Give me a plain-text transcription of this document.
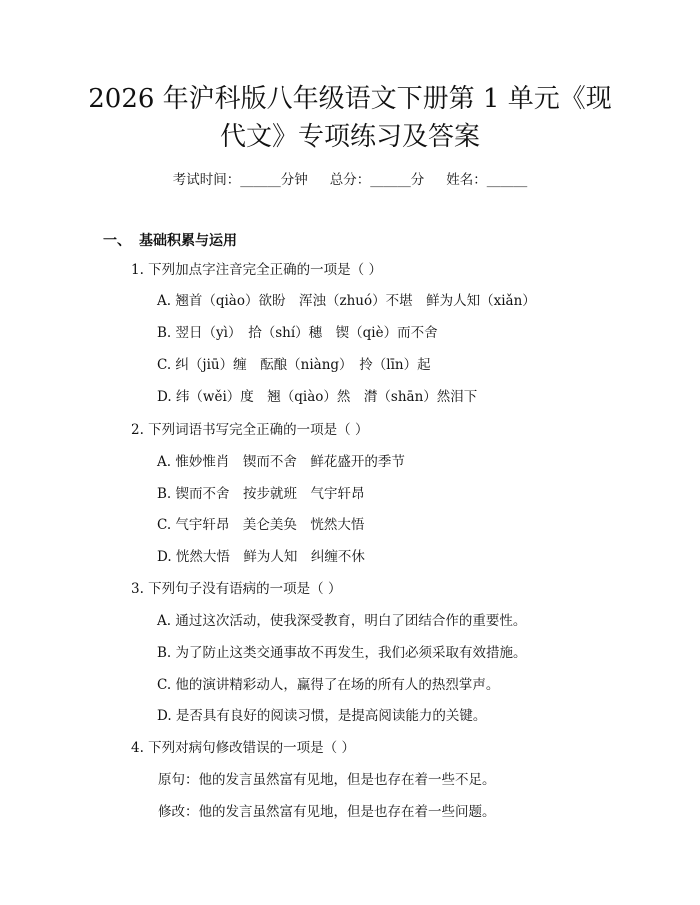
2026 年沪科版八年级语文下册第 1 单元《现
代文》专项练习及答案
考试时间：______分钟 总分：______分 姓名：______
一、 基础积累与运用
1. 下列加点字注音完全正确的一项是（ ）
A. 翘首（qiào）欲盼　浑浊（zhuó）不堪　鲜为人知（xiǎn）
B. 翌日（yì）　拾（shí）穗　锲（qiè）而不舍
C. 纠（jiū）缠　酝酿（niàng）　拎（līn）起
D. 纬（wěi）度　翘（qiào）然　潸（shān）然泪下
2. 下列词语书写完全正确的一项是（ ）
A. 惟妙惟肖　锲而不舍　鲜花盛开的季节
B. 锲而不舍　按步就班　气宇轩昂
C. 气宇轩昂　美仑美奂　恍然大悟
D. 恍然大悟　鲜为人知　纠缠不休
3. 下列句子没有语病的一项是（ ）
A. 通过这次活动，使我深受教育，明白了团结合作的重要性。
B. 为了防止这类交通事故不再发生，我们必须采取有效措施。
C. 他的演讲精彩动人，赢得了在场的所有人的热烈掌声。
D. 是否具有良好的阅读习惯，是提高阅读能力的关键。
4. 下列对病句修改错误的一项是（ ）
原句：他的发言虽然富有见地，但是也存在着一些不足。
修改：他的发言虽然富有见地，但是也存在着一些问题。
